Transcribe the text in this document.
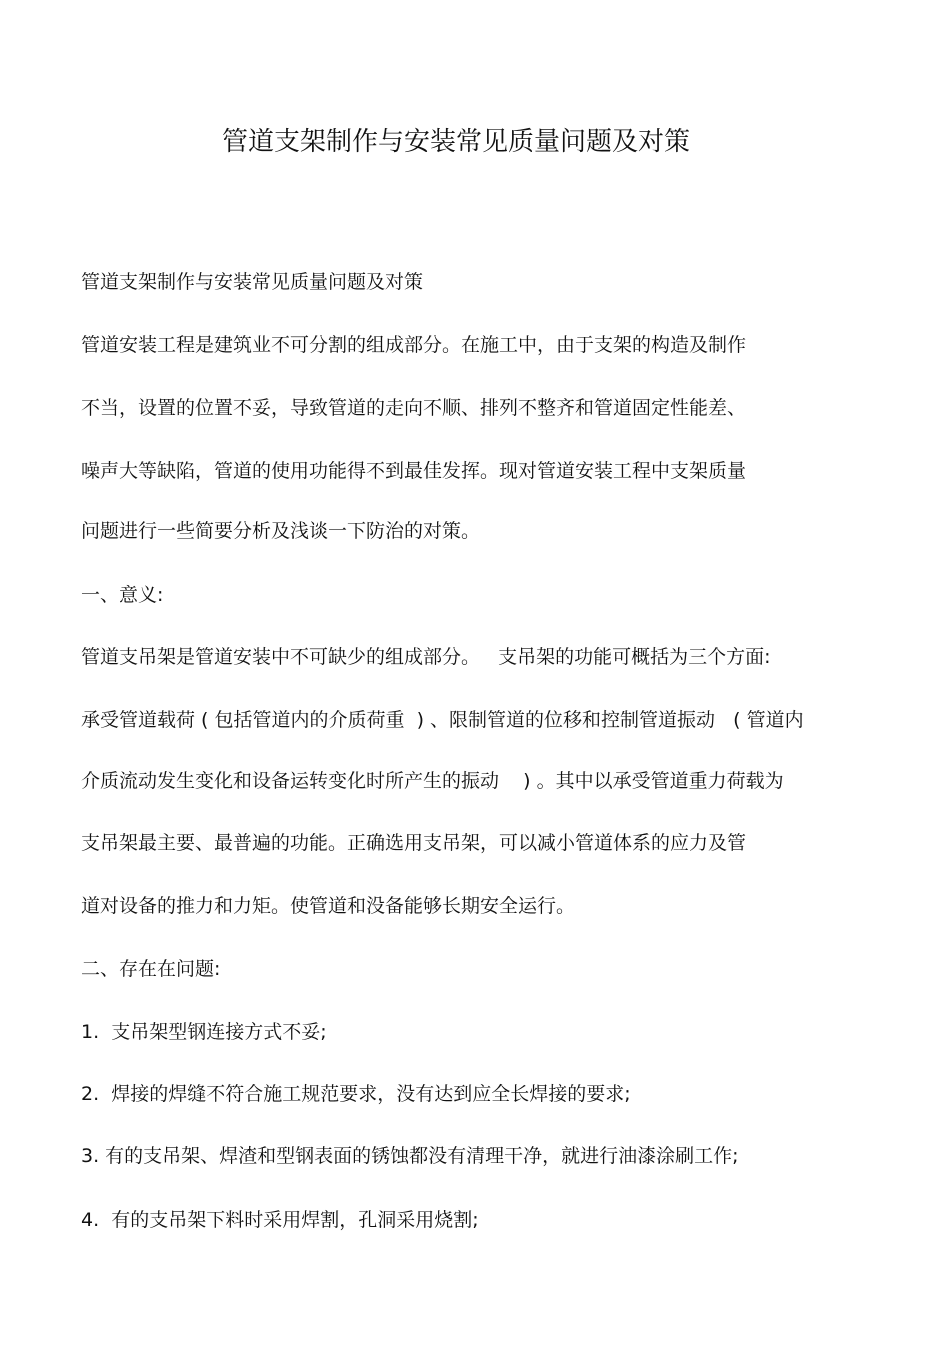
管道支架制作与安装常见质量问题及对策
管道支架制作与安装常见质量问题及对策
管道安装工程是建筑业不可分割的组成部分。在施工中，由于支架的构造及制作
不当，设置的位置不妥，导致管道的走向不顺、排列不整齐和管道固定性能差、
噪声大等缺陷，管道的使用功能得不到最佳发挥。现对管道安装工程中支架质量
问题进行一些简要分析及浅谈一下防治的对策。
一、意义:
管道支吊架是管道安装中不可缺少的组成部分。   支吊架的功能可概括为三个方面:
承受管道载荷 ( 包括管道内的介质荷重  ) 、限制管道的位移和控制管道振动   ( 管道内
介质流动发生变化和设备运转变化时所产生的振动    ) 。其中以承受管道重力荷载为
支吊架最主要、最普遍的功能。正确选用支吊架，可以减小管道体系的应力及管
道对设备的推力和力矩。使管道和没备能够长期安全运行。
二、存在在问题:
1.  支吊架型钢连接方式不妥;
2.  焊接的焊缝不符合施工规范要求，没有达到应全长焊接的要求;
3. 有的支吊架、焊渣和型钢表面的锈蚀都没有清理干净，就进行油漆涂刷工作;
4.  有的支吊架下料时采用焊割，孔洞采用烧割;
